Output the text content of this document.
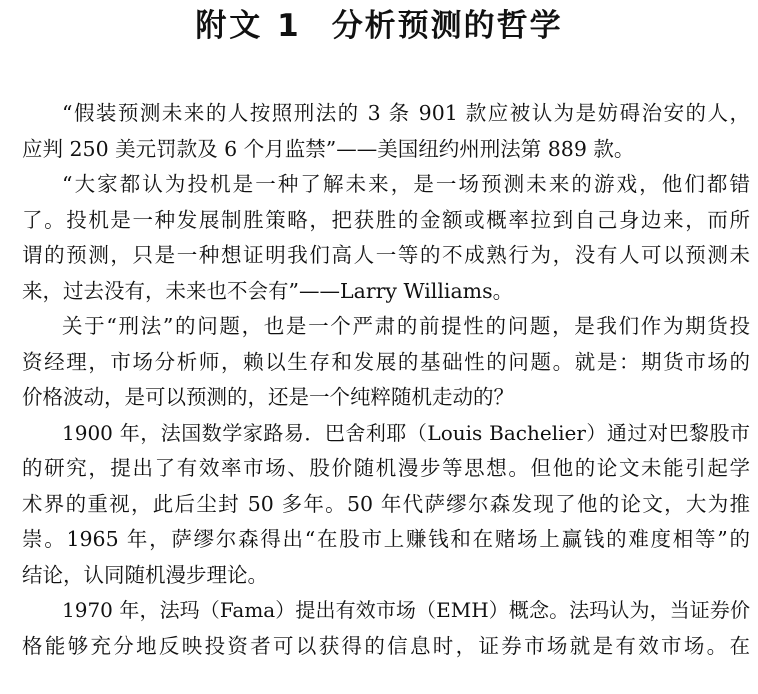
附文 1 分析预测的哲学
“假装预测未来的人按照刑法的 3 条 901 款应被认为是妨碍治安的人，
应判 250 美元罚款及 6 个月监禁”——美国纽约州刑法第 889 款。
“大家都认为投机是一种了解未来，是一场预测未来的游戏，他们都错
了。投机是一种发展制胜策略，把获胜的金额或概率拉到自己身边来，而所
谓的预测，只是一种想证明我们高人一等的不成熟行为，没有人可以预测未
来，过去没有，未来也不会有”——Larry Williams。
关于“刑法”的问题，也是一个严肃的前提性的问题，是我们作为期货投
资经理，市场分析师，赖以生存和发展的基础性的问题。就是：期货市场的
价格波动，是可以预测的，还是一个纯粹随机走动的？
1900 年，法国数学家路易．巴舍利耶（Louis Bachelier）通过对巴黎股市
的研究，提出了有效率市场、股价随机漫步等思想。但他的论文未能引起学
术界的重视，此后尘封 50 多年。50 年代萨缪尔森发现了他的论文，大为推
崇。1965 年，萨缪尔森得出“在股市上赚钱和在赌场上赢钱的难度相等”的
结论，认同随机漫步理论。
1970 年，法玛（Fama）提出有效市场（EMH）概念。法玛认为，当证券价
格能够充分地反映投资者可以获得的信息时，证券市场就是有效市场。在
